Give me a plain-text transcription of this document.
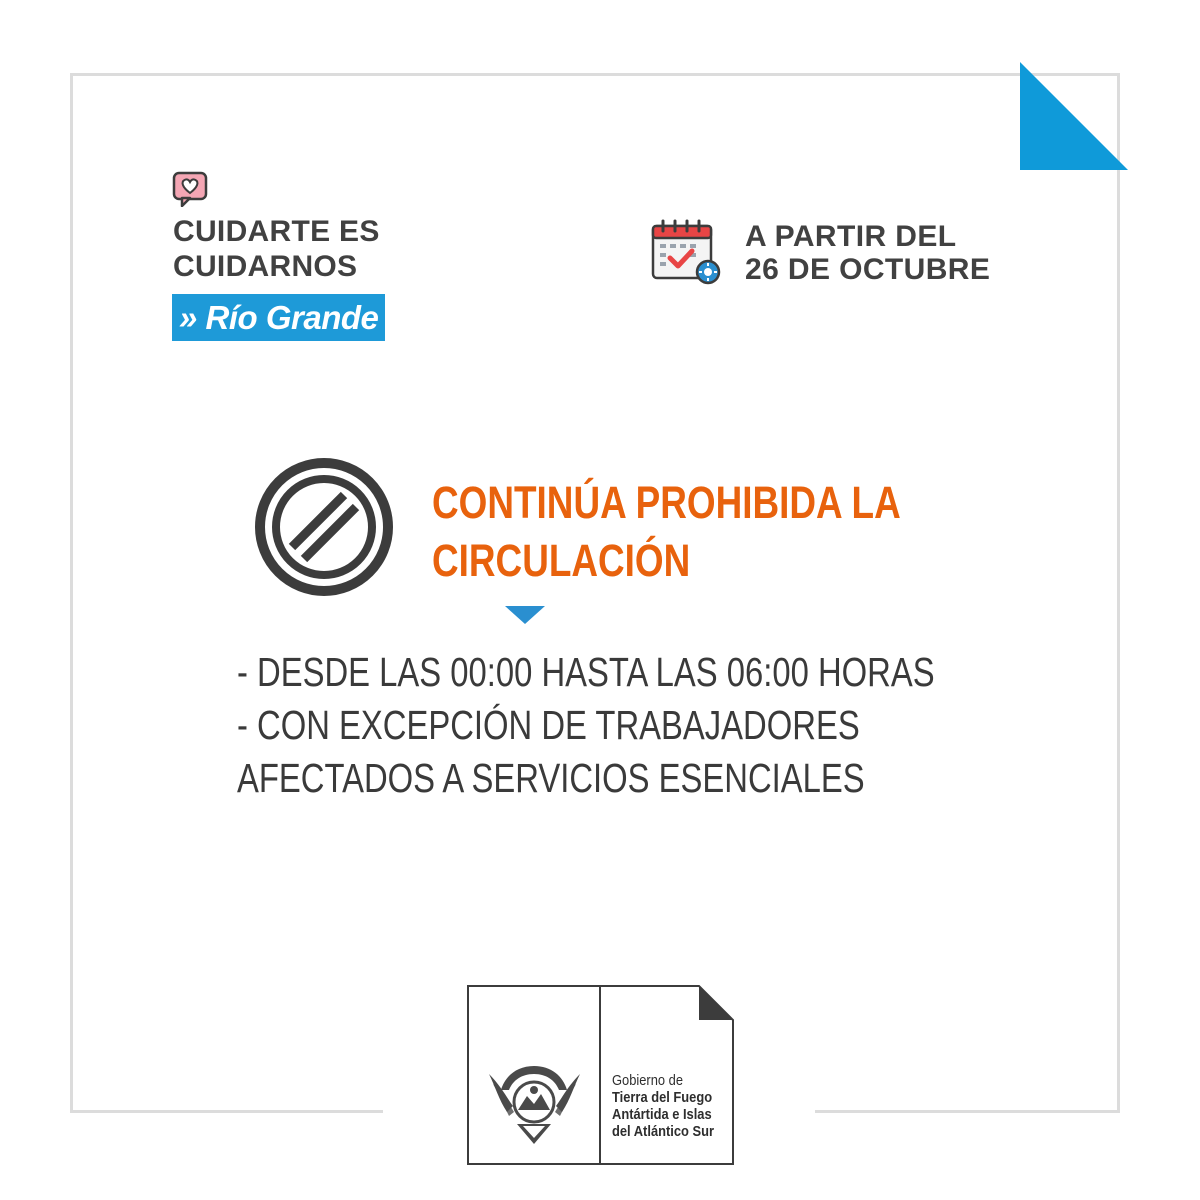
CUIDARTE ES
CUIDARNOS
» Río Grande
A PARTIR DEL
26 DE OCTUBRE
CONTINÚA PROHIBIDA LA
CIRCULACIÓN
- DESDE LAS 00:00 HASTA LAS 06:00 HORAS
- CON EXCEPCIÓN DE TRABAJADORES
AFECTADOS A SERVICIOS ESENCIALES
Gobierno de
Tierra del Fuego
Antártida e Islas
del Atlántico Sur
